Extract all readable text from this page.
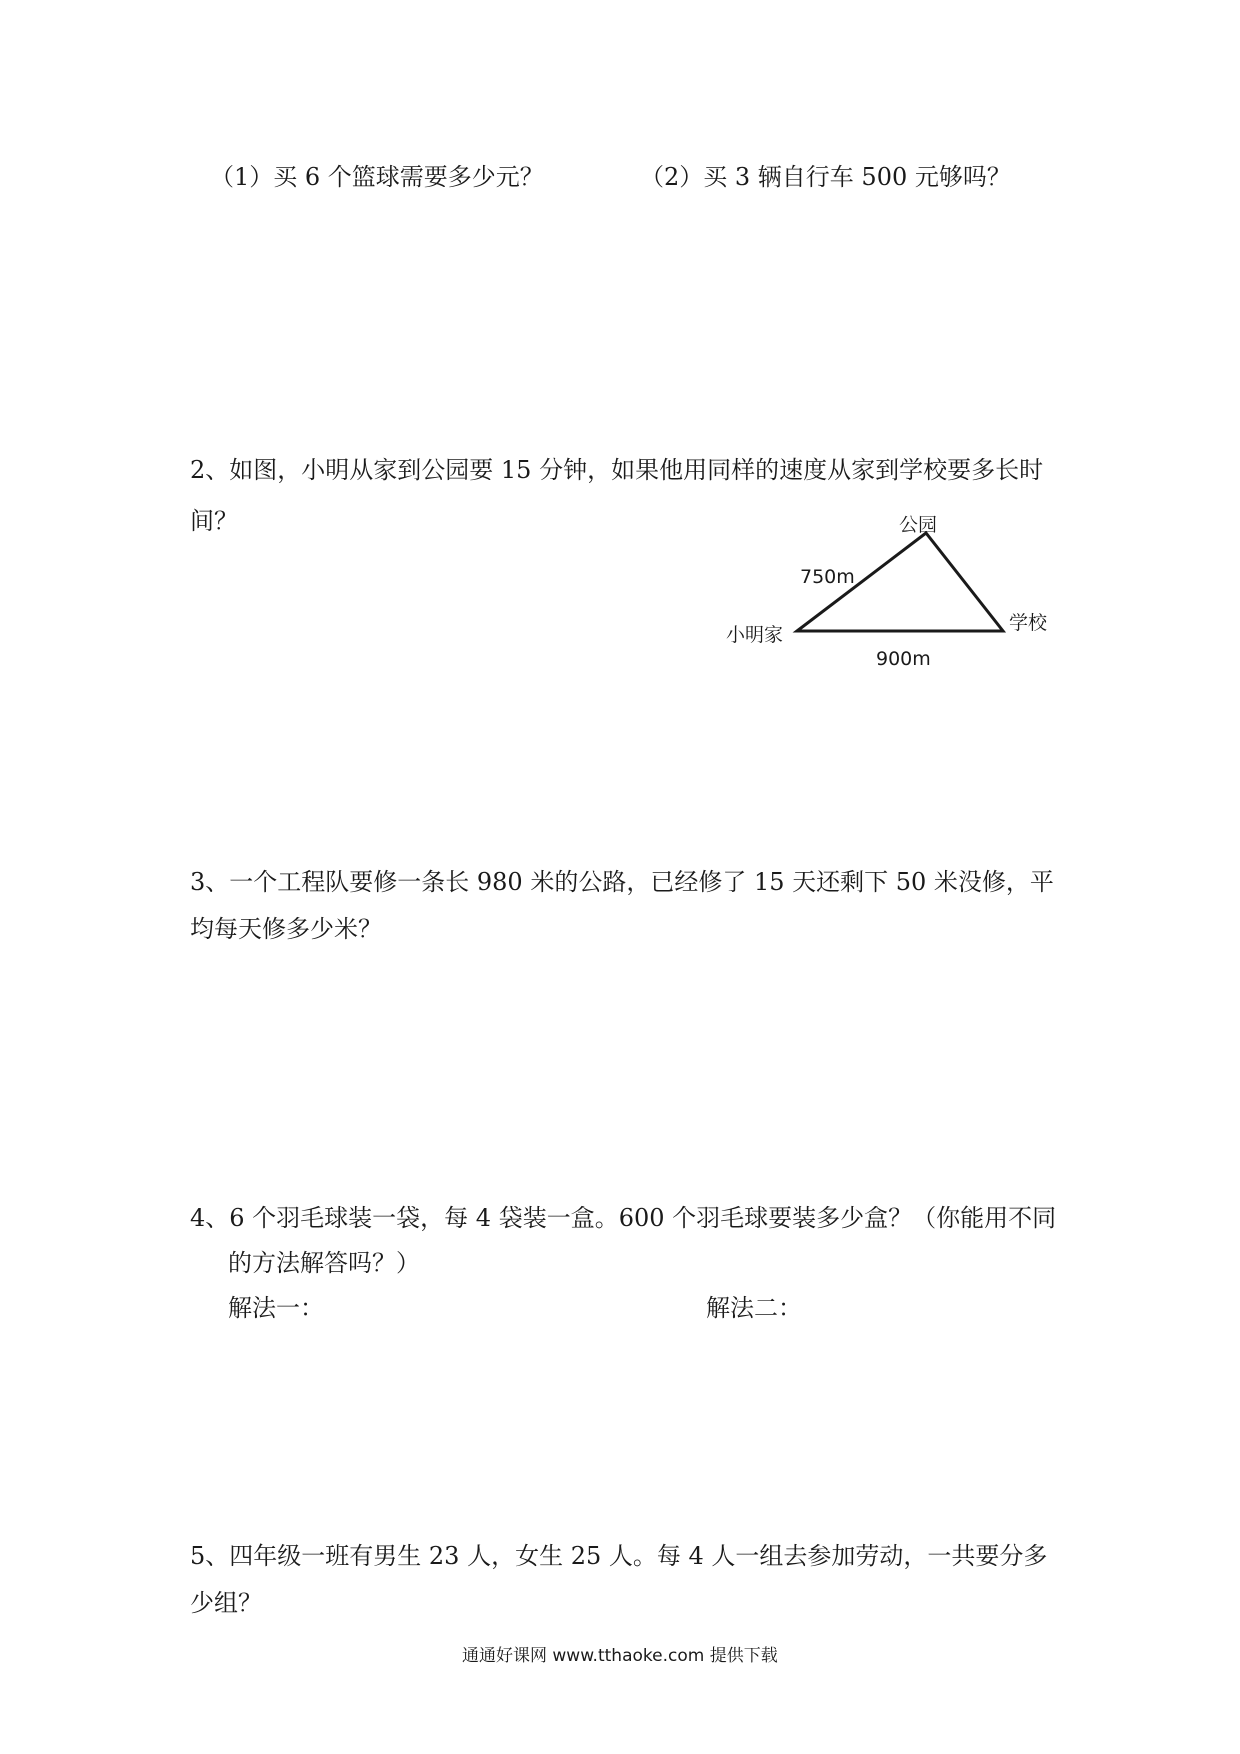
（1）买 6 个篮球需要多少元？	（2）买 3 辆自行车 500 元够吗？
2、如图，小明从家到公园要 15 分钟，如果他用同样的速度从家到学校要多长时
间？	公园
750m
小明家
学校
900m
3、一个工程队要修一条长 980 米的公路，已经修了 15 天还剩下 50 米没修，平
均每天修多少米？
4、6 个羽毛球装一袋，每 4 袋装一盒。600 个羽毛球要装多少盒？（你能用不同
的方法解答吗？）
解法一：	解法二：
5、四年级一班有男生 23 人，女生 25 人。每 4 人一组去参加劳动，一共要分多
少组？
通通好课网 www.tthaoke.com 提供下载
